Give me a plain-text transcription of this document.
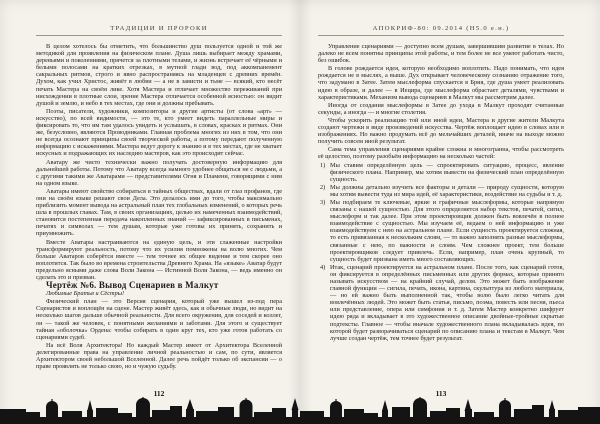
ТРАДИЦИИ И ПРОРОКИ

В целом хотелось бы отметить, что большинство душ пользуется одной и той же методикой для проявления на физическом плане. Душа лишь выбирает между храмами, деревьями и поколениями, прячется за плотными телами, и жизнь встречает её чёрными и белыми полосами на кратких отрезках, в мутной глади вод, под аккомпанемент сакральных ритмов, строго и явно распространяясь на младенцев с древних времён. Духом, как учил Христос, живёт в любви — а не в зависти и тьме — всякий, кто несёт печать Мастера на своём лике. Хотя Мастера и отличает множество переживаний при нисхождении в плотные слои, зрение Мастера отличается особенной ясностью: он видит душой и землю, и небо в тех местах, где они и должны пребывать.

Поэты, писатели, художники, композиторы и другие артисты (от слова «арт» — искусство), по всей видимости, — это те, кто умеет видеть параллельные миры и фиксировать то, что им там удалось увидеть и услышать, в словах, красках и ритмах. Они же, безусловно, являются Проводниками. Главная проблема многих из них в том, что они не всегда осознают принципы своей творческой работы, а потому передают полученную информацию с искажениями. Мастера ведут дорогу к знанию и в тех местах, где не хватает искусных и подражающих их наследию мастеров, как это происходит сейчас.

Аватару же чисто технически важно получать достоверную информацию для дальнейшей работы. Потому что Аватару всегда намного удобнее общаться не с людьми, а с другими такими же Аватарами — представителями Огня и Пламени, говорящими с ним на одном языке.

Аватары имеют свойство собираться в тайных обществах, вдали от глаз профанов, где они на своём языке решают свои Дела. Это делалось ими до того, чтобы максимально приблизить момент вывода на астральный план тех глобальных изменений, о которых речь шла в прошлых главах. Там, в своих организациях, целью их намеченных взаимодействий, становится постепенная передача накопленных знаний — зафиксированных в письменах, печатях и символах — тем душам, которые уже готовы их принять, сохранить и приумножить.

Вместе Аватары настраиваются на единую цель, и эти слаженные настройки трансформируют реальность, потому что их усилия помножены на волю многих. Чем больше Аватаров соберётся вместе — тем точнее их общее видение и тем скорее оно воплотится. Так было во времена строительства Древнего Храма. На «языке» Аватар будут предельно ясными даже слова Воли Закона — Истинной Воли Закона, — ведь именно он сделать это и призван.

Чертёж №6. Вывод Сценариев в Малкут

Любимые Братья и Сёстры!

Физический план — это Версия сценария, который уже вышел из-под пера Сценаристов и воплощён на сцене. Мастер живёт здесь, как и обычные люди, но видит на несколько шагов дальше обычной реальности. Для всего окружения, для соседей и коллег, он — такой же человек, с понятными желаниями и заботами. Для этого и существует тайная «оболочка» Ордена: чтобы собирать в один круг тех, кто уже готов работать со сценариями судеб.

На всё Воля Архитектора! Но каждый Мастер имеет от Архитектора Вселенной делегированные права на управление личной реальностью и сам, по сути, является Архитектором своей небольшой Вселенной. Далее речь пойдёт только об экспансии — о праве проявлять не только свою, но и чужую судьбу.

112
АПОКРИФ-80: 09.2014 (H5.0 е.н.)

Управление сценариями — доступно всем душам, завершившим развитие в телах. Но далеко не всем понятны принципы этой работы, и тем более не все умеют работать чисто, без ошибок.

В голове рождается идея, которую необходимо воплотить. Надо понимать, что идея рождается не в мыслях, а выше. Дух открывает человеческому сознанию отражение того, что задумано в Затее. Затем мыслеформа спускается в Брия, где душа умеет реализовать идею в образе, и далее — в Иецира, где мыслеформа обрастает деталями, чувствами и характеристиками. Механизм вывода сценариев в Малкут мы рассмотрим далее.

Иногда от создания мыслеформы в Затее до ухода в Малкут проходят считанные секунды, а иногда — и многие столетия.

Чтобы ускорить реализацию той или иной идеи, Мастера и другие жители Малкута создают чертежи в виде произведений искусства. Чертёж воплощает идею в словах или в изображениях. Но важно продумать всё до мельчайших деталей, иначе на выходе можно получить совсем иной результат.

Сама тема управления сценариями крайне сложна и многогранна, чтобы рассмотреть её целостно, поэтому разобьём информацию на несколько частей:

1) Мы ставим определённую цель — спроектировать ситуацию, процесс, явление физического плана. Например, мы хотим вывести на физический план определённую сущность.

2) Мы должны детально изучить все факторы и детали — природу сущности, которую мы хотим вывести туда из мира идей, её характеристики, воздействие на судьбы и т. д.

3) Мы подбираем те ключевые, яркие и графичные мыслеформы, которые напрямую связаны с нашей сущностью. Для этого определяется набор текстов, печатей, сигил, мыслеформ и так далее. При этом проектировщик должен быть вовлечён в полное взаимодействие с сущностью. Мы изучаем её, ведаем о ней информацию и уже взаимодействуем с нею на астральном плане. Если сущность проектируется сложная, то есть привязанная к нескольким слоям, — то важно заполнять разные мыслеформы, связанные с нею, по важности и слоям. Чем сложнее проект, тем больше проектировщиков следует привлечь. Если, например, план очень крупный, то сущность будет призвана иметь много составляющих.

4) Итак, сценарий проектируется на астральном плане. После того, как сценарий готов, он фиксируется в определённых письменных или других формах, которые принято называть искусством — на крайний случай, делом. Это может быть изображение главной функции — сигила, печать, икона, картина, скульптура из любого материала, — но ей важно быть выполненной так, чтобы волю было легко читать для вовлечённых людей. Это может быть статья, письмо, поэма, повесть или песня, пьеса или представление, опера или симфония и т. д. Затем Мастер конкретно шифрует идею ряда и вкладывает в это художественное описание двойные-тройные скрытые подтексты. Главное — чтобы вначале художественного плана вкладывалась идея, по которой будет разворачиваться сценарий по описанию плана и текстам в Малкут. Чем лучше создан чертёж, тем точнее будет результат.

113
